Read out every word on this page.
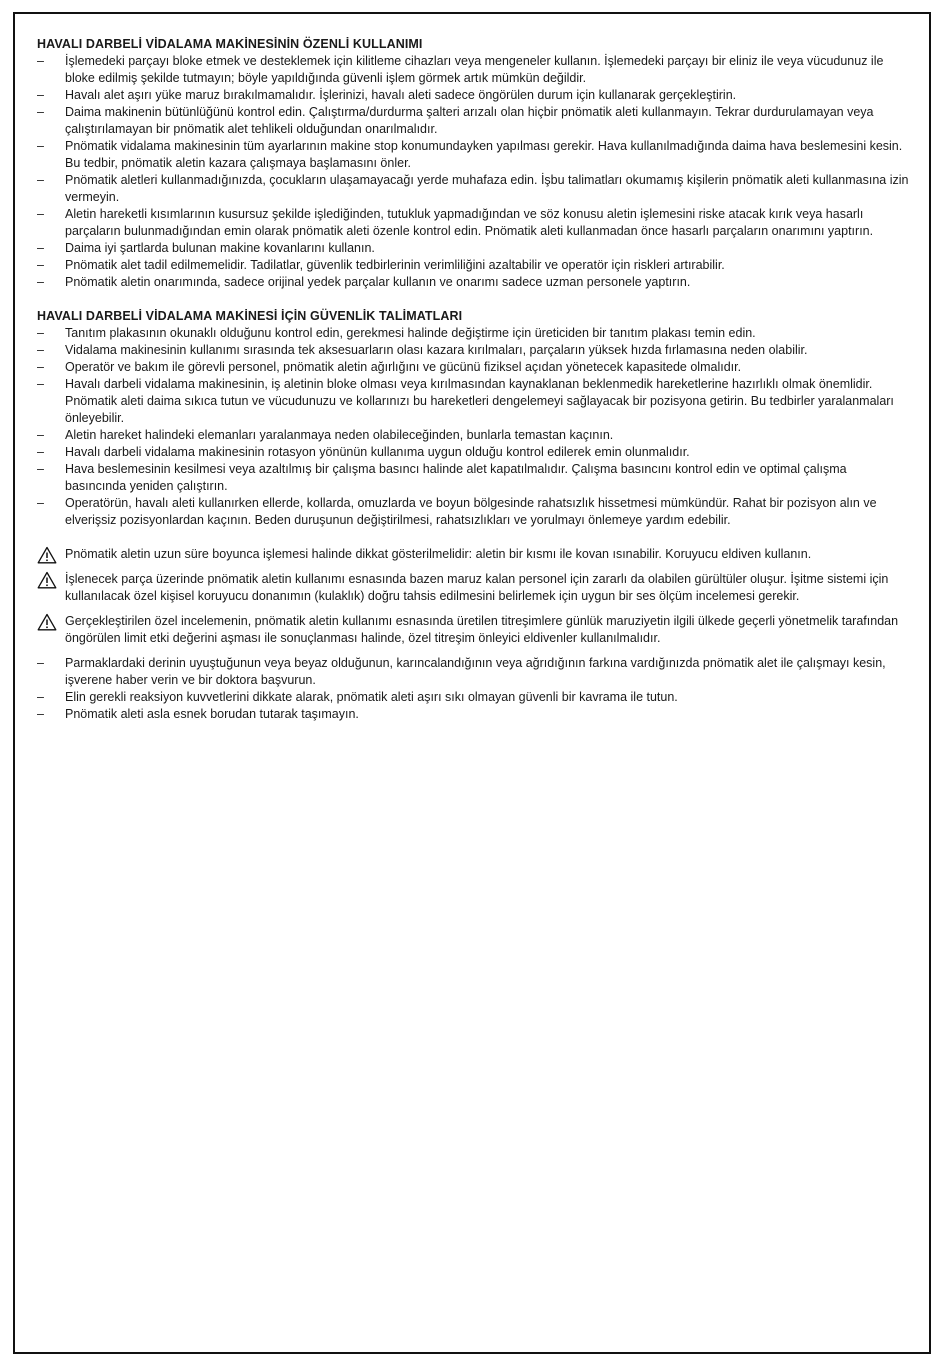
HAVALI DARBELİ VİDALAMA MAKİNESİNİN ÖZENLİ KULLANIMI
– İşlemedeki parçayı bloke etmek ve desteklemek için kilitleme cihazları veya mengeneler kullanın. İşlemedeki parçayı bir eliniz ile veya vücudunuz ile bloke edilmiş şekilde tutmayın; böyle yapıldığında güvenli işlem görmek artık mümkün değildir.
– Havalı alet aşırı yüke maruz bırakılmamalıdır. İşlerinizi, havalı aleti sadece öngörülen durum için kullanarak gerçekleştirin.
– Daima makinenin bütünlüğünü kontrol edin. Çalıştırma/durdurma şalteri arızalı olan hiçbir pnömatik aleti kullanmayın. Tekrar durdurulamayan veya çalıştırılamayan bir pnömatik alet tehlikeli olduğundan onarılmalıdır.
– Pnömatik vidalama makinesinin tüm ayarlarının makine stop konumundayken yapılması gerekir. Hava kullanılmadığında daima hava beslemesini kesin. Bu tedbir, pnömatik aletin kazara çalışmaya başlamasını önler.
– Pnömatik aletleri kullanmadığınızda, çocukların ulaşamayacağı yerde muhafaza edin. İşbu talimatları okumamış kişilerin pnömatik aleti kullanmasına izin vermeyin.
– Aletin hareketli kısımlarının kusursuz şekilde işlediğinden, tutukluk yapmadığından ve söz konusu aletin işlemesini riske atacak kırık veya hasarlı parçaların bulunmadığından emin olarak pnömatik aleti özenle kontrol edin. Pnömatik aleti kullanmadan önce hasarlı parçaların onarımını yaptırın.
– Daima iyi şartlarda bulunan makine kovanlarını kullanın.
– Pnömatik alet tadil edilmemelidir. Tadilatlar, güvenlik tedbirlerinin verimliliğini azaltabilir ve operatör için riskleri artırabilir.
– Pnömatik aletin onarımında, sadece orijinal yedek parçalar kullanın ve onarımı sadece uzman personele yaptırın.
HAVALI DARBELİ VİDALAMA MAKİNESİ İÇİN GÜVENLİK TALİMATLARI
– Tanıtım plakasının okunaklı olduğunu kontrol edin, gerekmesi halinde değiştirme için üreticiden bir tanıtım plakası temin edin.
– Vidalama makinesinin kullanımı sırasında tek aksesuarların olası kazara kırılmaları, parçaların yüksek hızda fırlamasına neden olabilir.
– Operatör ve bakım ile görevli personel, pnömatik aletin ağırlığını ve gücünü fiziksel açıdan yönetecek kapasitede olmalıdır.
– Havalı darbeli vidalama makinesinin, iş aletinin bloke olması veya kırılmasından kaynaklanan beklenmedik hareketlerine hazırlıklı olmak önemlidir. Pnömatik aleti daima sıkıca tutun ve vücudunuzu ve kollarınızı bu hareketleri dengelemeyi sağlayacak bir pozisyona getirin. Bu tedbirler yaralanmaları önleyebilir.
– Aletin hareket halindeki elemanları yaralanmaya neden olabileceğinden, bunlarla temastan kaçının.
– Havalı darbeli vidalama makinesinin rotasyon yönünün kullanıma uygun olduğu kontrol edilerek emin olunmalıdır.
– Hava beslemesinin kesilmesi veya azaltılmış bir çalışma basıncı halinde alet kapatılmalıdır. Çalışma basıncını kontrol edin ve optimal çalışma basıncında yeniden çalıştırın.
– Operatörün, havalı aleti kullanırken ellerde, kollarda, omuzlarda ve boyun bölgesinde rahatsızlık hissetmesi mümkündür. Rahat bir pozisyon alın ve elverişsiz pozisyonlardan kaçının. Beden duruşunun değiştirilmesi, rahatsızlıkları ve yorulmayı önlemeye yardım edebilir.
Pnömatik aletin uzun süre boyunca işlemesi halinde dikkat gösterilmelidir: aletin bir kısmı ile kovan ısınabilir. Koruyucu eldiven kullanın.
İşlenecek parça üzerinde pnömatik aletin kullanımı esnasında bazen maruz kalan personel için zararlı da olabilen gürültüler oluşur. İşitme sistemi için kullanılacak özel kişisel koruyucu donanımın (kulaklık) doğru tahsis edilmesini belirlemek için uygun bir ses ölçüm incelemesi gerekir.
Gerçekleştirilen özel incelemenin, pnömatik aletin kullanımı esnasında üretilen titreşimlere günlük maruziyetin ilgili ülkede geçerli yönetmelik tarafından öngörülen limit etki değerini aşması ile sonuçlanması halinde, özel titreşim önleyici eldivenler kullanılmalıdır.
– Parmaklardaki derinin uyuştuğunun veya beyaz olduğunun, karıncalandığının veya ağrıdığının farkına vardığınızda pnömatik alet ile çalışmayı kesin, işverene haber verin ve bir doktora başvurun.
– Elin gerekli reaksiyon kuvvetlerini dikkate alarak, pnömatik aleti aşırı sıkı olmayan güvenli bir kavrama ile tutun.
– Pnömatik aleti asla esnek borudan tutarak taşımayın.
